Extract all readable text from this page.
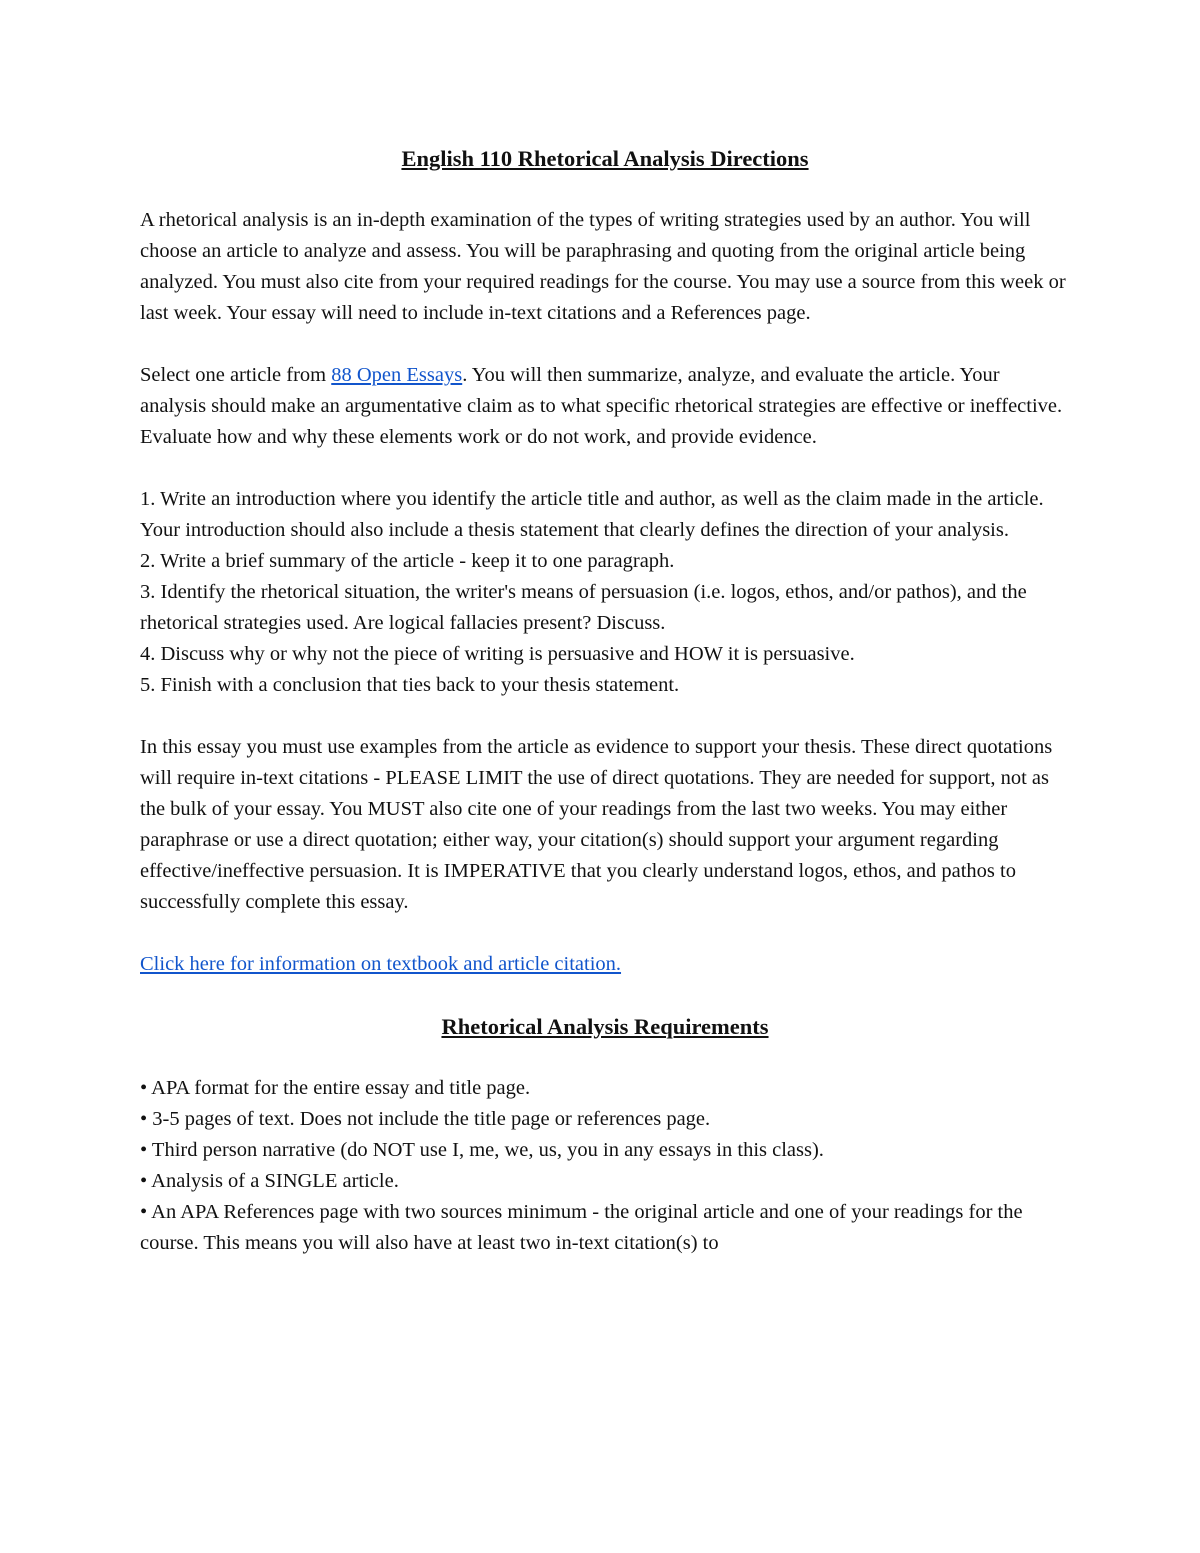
English 110 Rhetorical Analysis Directions

A rhetorical analysis is an in-depth examination of the types of writing strategies used by an author. You will choose an article to analyze and assess. You will be paraphrasing and quoting from the original article being analyzed. You must also cite from your required readings for the course. You may use a source from this week or last week. Your essay will need to include in-text citations and a References page.

Select one article from 88 Open Essays. You will then summarize, analyze, and evaluate the article. Your analysis should make an argumentative claim as to what specific rhetorical strategies are effective or ineffective. Evaluate how and why these elements work or do not work, and provide evidence.

1. Write an introduction where you identify the article title and author, as well as the claim made in the article. Your introduction should also include a thesis statement that clearly defines the direction of your analysis.

2. Write a brief summary of the article - keep it to one paragraph.

3. Identify the rhetorical situation, the writer's means of persuasion (i.e. logos, ethos, and/or pathos), and the rhetorical strategies used. Are logical fallacies present? Discuss.

4. Discuss why or why not the piece of writing is persuasive and HOW it is persuasive.

5. Finish with a conclusion that ties back to your thesis statement.

In this essay you must use examples from the article as evidence to support your thesis. These direct quotations will require in-text citations - PLEASE LIMIT the use of direct quotations. They are needed for support, not as the bulk of your essay. You MUST also cite one of your readings from the last two weeks. You may either paraphrase or use a direct quotation; either way, your citation(s) should support your argument regarding effective/ineffective persuasion. It is IMPERATIVE that you clearly understand logos, ethos, and pathos to successfully complete this essay.

Click here for information on textbook and article citation.

Rhetorical Analysis Requirements

• APA format for the entire essay and title page.

• 3-5 pages of text. Does not include the title page or references page.

• Third person narrative (do NOT use I, me, we, us, you in any essays in this class).

• Analysis of a SINGLE article.

• An APA References page with two sources minimum - the original article and one of your readings for the course. This means you will also have at least two in-text citation(s) to
